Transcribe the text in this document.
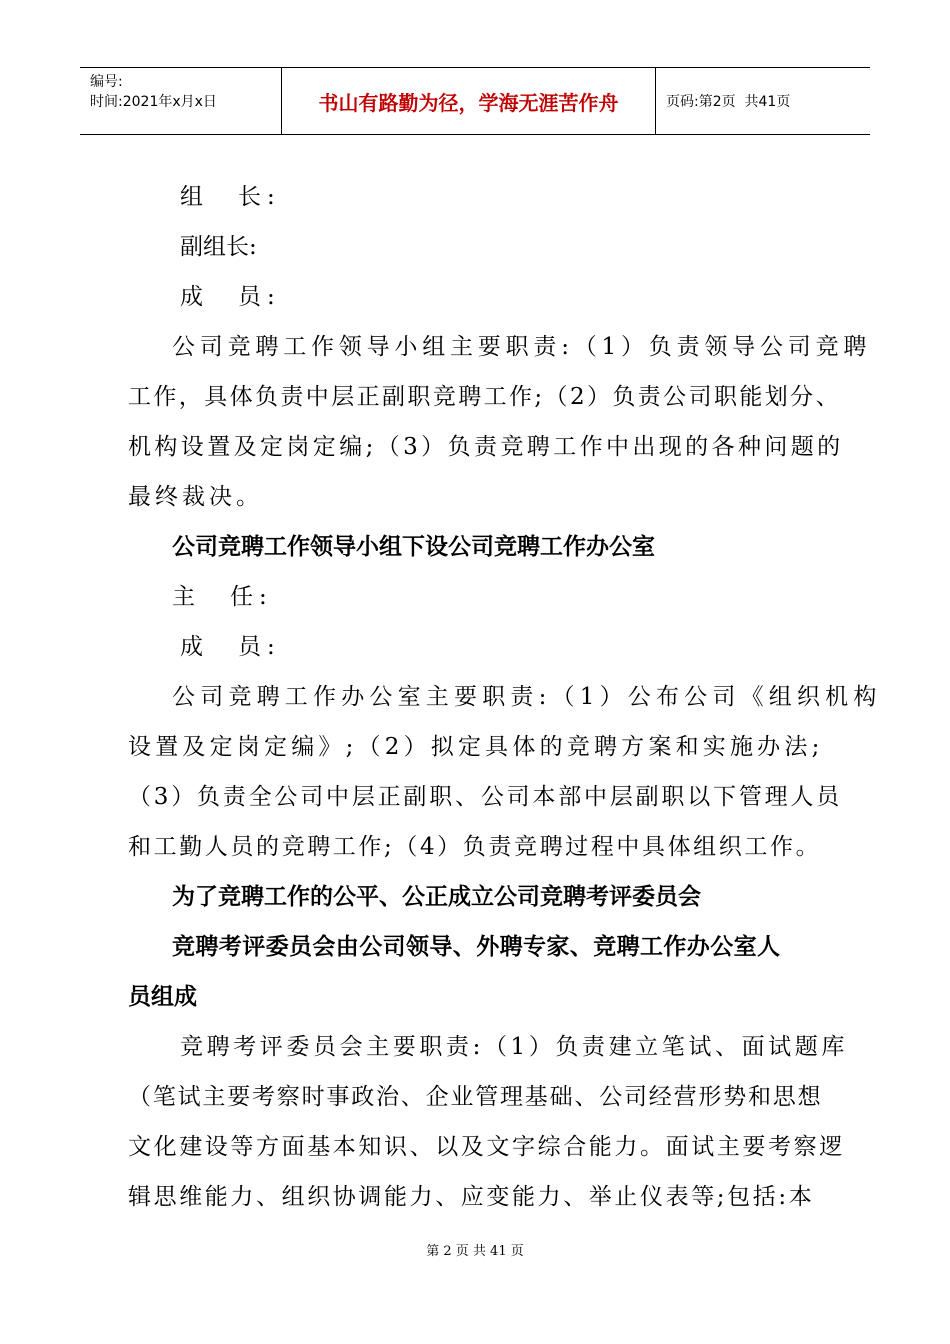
编号:
时间:2021年x月x日	书山有路勤为径，学海无涯苦作舟	页码:第2页  共41页
组　长:
副组长:
成　员:
公司竞聘工作领导小组主要职责:（1）负责领导公司竞聘
工作，具体负责中层正副职竞聘工作;（2）负责公司职能划分、
机构设置及定岗定编;（3）负责竞聘工作中出现的各种问题的
最终裁决。
公司竞聘工作领导小组下设公司竞聘工作办公室
主　任:
成　员:
公司竞聘工作办公室主要职责:（1）公布公司《组织机构
设置及定岗定编》;（2）拟定具体的竞聘方案和实施办法;
（3）负责全公司中层正副职、公司本部中层副职以下管理人员
和工勤人员的竞聘工作;（4）负责竞聘过程中具体组织工作。
为了竞聘工作的公平、公正成立公司竞聘考评委员会
竞聘考评委员会由公司领导、外聘专家、竞聘工作办公室人
员组成
竞聘考评委员会主要职责:（1）负责建立笔试、面试题库
（笔试主要考察时事政治、企业管理基础、公司经营形势和思想
文化建设等方面基本知识、以及文字综合能力。面试主要考察逻
辑思维能力、组织协调能力、应变能力、举止仪表等;包括:本
第 2 页 共 41 页
